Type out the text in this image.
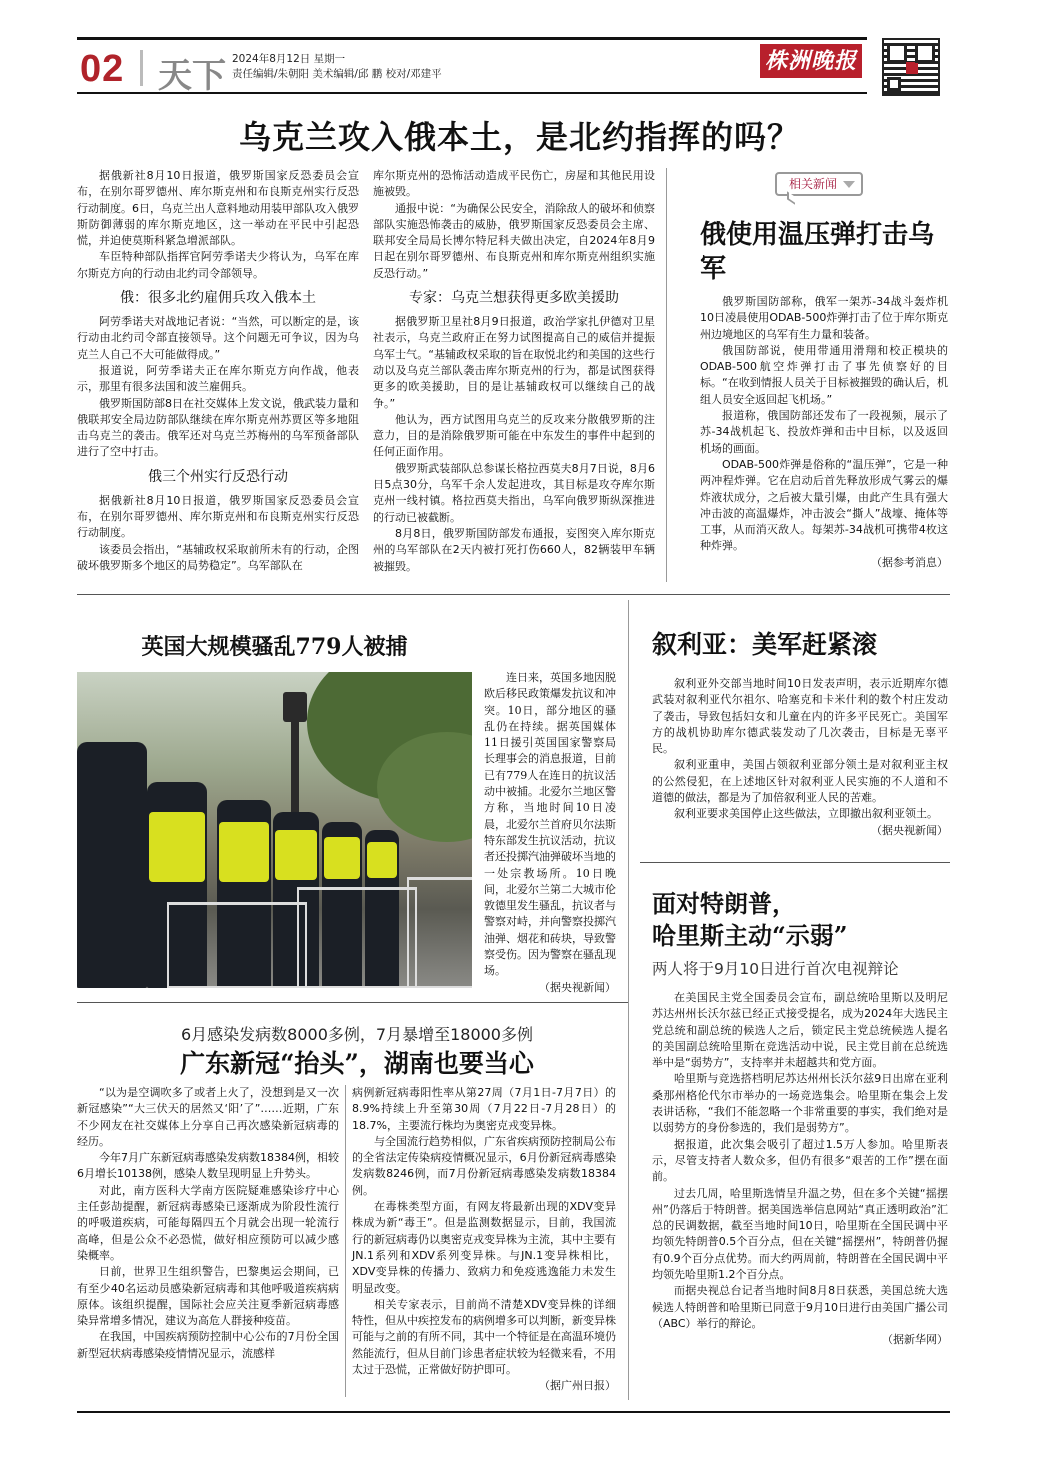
02 天下 2024年8月12日 星期一
责任编辑/朱朝阳 美术编辑/邱 鹏 校对/邓建平	株洲晚报
乌克兰攻入俄本土，是北约指挥的吗？

据俄新社8月10日报道，俄罗斯国家反恐委员会宣布，在别尔哥罗德州、库尔斯克州和布良斯克州实行反恐行动制度。6日，乌克兰出人意料地动用装甲部队攻入俄罗斯防御薄弱的库尔斯克地区，这一举动在平民中引起恐慌，并迫使莫斯科紧急增派部队。

车臣特种部队指挥官阿劳季诺夫少将认为，乌军在库尔斯克方向的行动由北约司令部领导。

俄：很多北约雇佣兵攻入俄本土

阿劳季诺夫对战地记者说：“当然，可以断定的是，该行动由北约司令部直接领导。这个问题无可争议，因为乌克兰人自己不大可能做得成。”

报道说，阿劳季诺夫正在库尔斯克方向作战，他表示，那里有很多法国和波兰雇佣兵。

俄罗斯国防部8日在社交媒体上发文说，俄武装力量和俄联邦安全局边防部队继续在库尔斯克州苏贾区等多地阻击乌克兰的袭击。俄军还对乌克兰苏梅州的乌军预备部队进行了空中打击。

俄三个州实行反恐行动

据俄新社8月10日报道，俄罗斯国家反恐委员会宣布，在别尔哥罗德州、库尔斯克州和布良斯克州实行反恐行动制度。

该委员会指出，“基辅政权采取前所未有的行动，企图破坏俄罗斯多个地区的局势稳定”。乌军部队在

库尔斯克州的恐怖活动造成平民伤亡，房屋和其他民用设施被毁。

通报中说：“为确保公民安全，消除敌人的破坏和侦察部队实施恐怖袭击的威胁，俄罗斯国家反恐委员会主席、联邦安全局局长博尔特尼科夫做出决定，自2024年8月9日起在别尔哥罗德州、布良斯克州和库尔斯克州组织实施反恐行动。”

专家：乌克兰想获得更多欧美援助

据俄罗斯卫星社8月9日报道，政治学家扎伊德对卫星社表示，乌克兰政府正在努力试图提高自己的威信并提振乌军士气。“基辅政权采取的旨在取悦北约和美国的这些行动以及乌克兰部队袭击库尔斯克州的行为，都是试图获得更多的欧美援助，目的是让基辅政权可以继续自己的战争。”

他认为，西方试图用乌克兰的反攻来分散俄罗斯的注意力，目的是消除俄罗斯可能在中东发生的事件中起到的任何正面作用。

俄罗斯武装部队总参谋长格拉西莫夫8月7日说，8月6日5点30分，乌军千余人发起进攻，其目标是攻夺库尔斯克州一线村镇。格拉西莫夫指出，乌军向俄罗斯纵深推进的行动已被截断。

8月8日，俄罗斯国防部发布通报，妄图突入库尔斯克州的乌军部队在2天内被打死打伤660人，82辆装甲车辆被摧毁。

相关新闻
俄使用温压弹打击乌军

俄罗斯国防部称，俄军一架苏-34战斗轰炸机10日凌晨使用ODAB-500炸弹打击了位于库尔斯克州边境地区的乌军有生力量和装备。

俄国防部说，使用带通用滑翔和校正模块的ODAB-500航空炸弹打击了事先侦察好的目标。“在收到情报人员关于目标被摧毁的确认后，机组人员安全返回起飞机场。”

报道称，俄国防部还发布了一段视频，展示了苏-34战机起飞、投放炸弹和击中目标，以及返回机场的画面。

ODAB-500炸弹是俗称的“温压弹”，它是一种两冲程炸弹。它在启动后首先释放形成气雾云的爆炸液状成分，之后被大量引爆，由此产生具有强大冲击波的高温爆炸，冲击波会“撕人”战壕、掩体等工事，从而消灭敌人。每架苏-34战机可携带4枚这种炸弹。

（据参考消息）

英国大规模骚乱779人被捕

连日来，英国多地因脱欧后移民政策爆发抗议和冲突。10日，部分地区的骚乱仍在持续。据英国媒体11日援引英国国家警察局长理事会的消息报道，目前已有779人在连日的抗议活动中被捕。北爱尔兰地区警方称，当地时间10日凌晨，北爱尔兰首府贝尔法斯特东部发生抗议活动，抗议者还投掷汽油弹破坏当地的一处宗教场所。10日晚间，北爱尔兰第二大城市伦敦德里发生骚乱，抗议者与警察对峙，并向警察投掷汽油弹、烟花和砖块，导致警察受伤。因为警察在骚乱现场。

（据央视新闻）

叙利亚：美军赶紧滚

叙利亚外交部当地时间10日发表声明，表示近期库尔德武装对叙利亚代尔祖尔、哈塞克和卡米什利的数个村庄发动了袭击，导致包括妇女和儿童在内的许多平民死亡。美国军方的战机协助库尔德武装发动了几次袭击，目标是无辜平民。

叙利亚重申，美国占领叙利亚部分领土是对叙利亚主权的公然侵犯，在上述地区针对叙利亚人民实施的不人道和不道德的做法，都是为了加倍叙利亚人民的苦难。

叙利亚要求美国停止这些做法，立即撤出叙利亚领土。

（据央视新闻）

面对特朗普，
哈里斯主动“示弱”
两人将于9月10日进行首次电视辩论

在美国民主党全国委员会宣布，副总统哈里斯以及明尼苏达州州长沃尔兹已经正式接受提名，成为2024年大选民主党总统和副总统的候选人之后，锁定民主党总统候选人提名的美国副总统哈里斯在竞选活动中说，民主党目前在总统选举中是“弱势方”，支持率并未超越共和党方面。

哈里斯与竞选搭档明尼苏达州州长沃尔兹9日出席在亚利桑那州格伦代尔市举办的一场竞选集会。哈里斯在集会上发表讲话称，“我们不能忽略一个非常重要的事实，我们绝对是以弱势方的身份参选的，我们是弱势方”。

据报道，此次集会吸引了超过1.5万人参加。哈里斯表示，尽管支持者人数众多，但仍有很多“艰苦的工作”摆在面前。

过去几周，哈里斯选情呈升温之势，但在多个关键“摇摆州”仍落后于特朗普。据美国选举信息网站“真正透明政治”汇总的民调数据，截至当地时间10日，哈里斯在全国民调中平均领先特朗普0.5个百分点，但在关键“摇摆州”，特朗普仍握有0.9个百分点优势。而大约两周前，特朗普在全国民调中平均领先哈里斯1.2个百分点。

而据央视总台记者当地时间8月8日获悉，美国总统大选候选人特朗普和哈里斯已同意于9月10日进行由美国广播公司（ABC）举行的辩论。

（据新华网）

6月感染发病数8000多例，7月暴增至18000多例
广东新冠“抬头”，湖南也要当心

“以为是空调吹多了或者上火了，没想到是又一次新冠感染”“大三伏天的居然又‘阳’了”……近期，广东不少网友在社交媒体上分享自己再次感染新冠病毒的经历。

今年7月广东新冠病毒感染发病数18384例，相较6月增长10138例，感染人数呈现明显上升势头。

对此，南方医科大学南方医院疑难感染诊疗中心主任彭劼提醒，新冠病毒感染已逐渐成为阶段性流行的呼吸道疾病，可能每隔四五个月就会出现一轮流行高峰，但是公众不必恐慌，做好相应预防可以减少感染概率。

日前，世界卫生组织警告，巴黎奥运会期间，已有至少40名运动员感染新冠病毒和其他呼吸道疾病病原体。该组织提醒，国际社会应关注夏季新冠病毒感染异常增多情况，建议为高危人群接种疫苗。

在我国，中国疾病预防控制中心公布的7月份全国新型冠状病毒感染疫情情况显示，流感样

病例新冠病毒阳性率从第27周（7月1日-7月7日）的8.9%持续上升至第30周（7月22日-7月28日）的18.7%，主要流行株均为奥密克戎变异株。

与全国流行趋势相似，广东省疾病预防控制局公布的全省法定传染病疫情概况显示，6月份新冠病毒感染发病数8246例，而7月份新冠病毒感染发病数18384例。

在毒株类型方面，有网友将最新出现的XDV变异株成为新“毒王”。但是监测数据显示，目前，我国流行的新冠病毒仍以奥密克戎变异株为主流，其中主要有JN.1系列和XDV系列变异株。与JN.1变异株相比，XDV变异株的传播力、致病力和免疫逃逸能力未发生明显改变。

相关专家表示，目前尚不清楚XDV变异株的详细特性，但从中疾控发布的病例增多可以判断，新变异株可能与之前的有所不同，其中一个特征是在高温环境仍然能流行，但从目前门诊患者症状较为轻微来看，不用太过于恐慌，正常做好防护即可。

（据广州日报）
